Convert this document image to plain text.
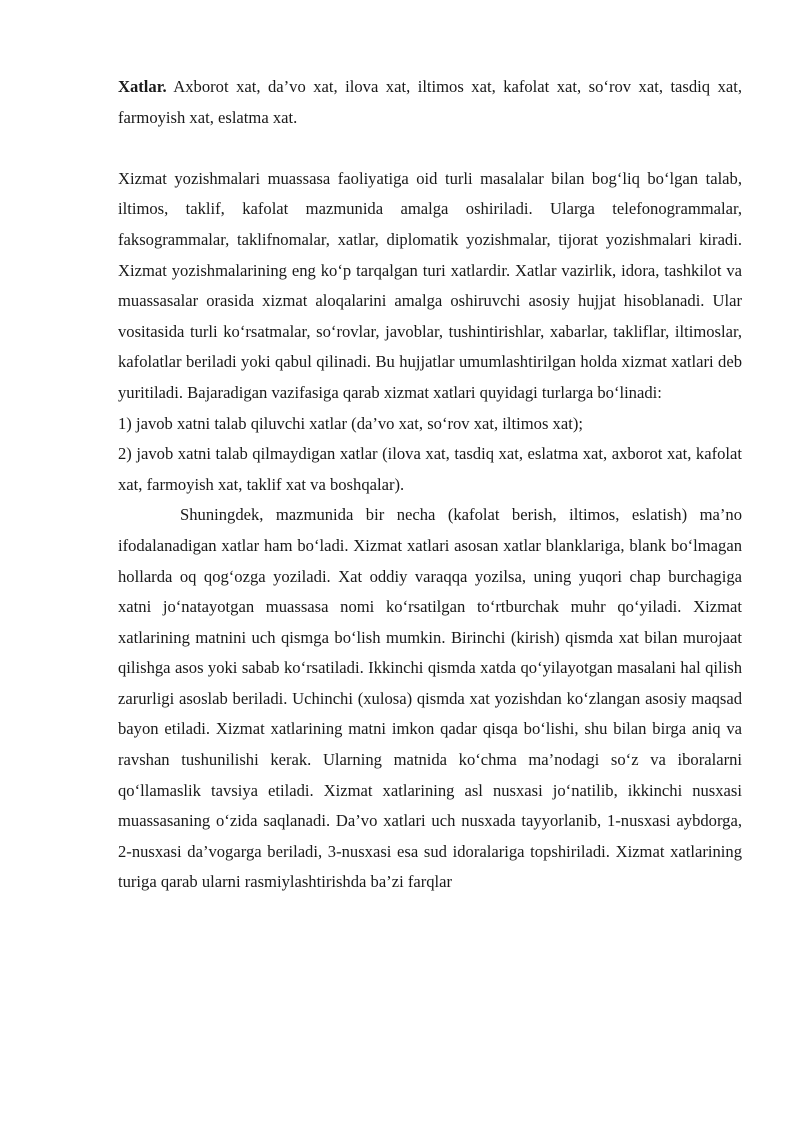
Xatlar. Axborot xat, da’vo xat, ilova xat, iltimos xat, kafolat xat, so‘rov xat, tasdiq xat, farmoyish xat, eslatma xat.

Xizmat yozishmalari muassasa faoliyatiga oid turli masalalar bilan bog‘liq bo‘lgan talab, iltimos, taklif, kafolat mazmunida amalga oshiriladi. Ularga telefonogrammalar, faksogrammalar, taklifnomalar, xatlar, diplomatik yozishmalar, tijorat yozishmalari kiradi. Xizmat yozishmalarining eng ko‘p tarqalgan turi xatlardir. Xatlar vazirlik, idora, tashkilot va muassasalar orasida xizmat aloqalarini amalga oshiruvchi asosiy hujjat hisoblanadi. Ular vositasida turli ko‘rsatmalar, so‘rovlar, javoblar, tushintirishlar, xabarlar, takliflar, iltimoslar, kafolatlar beriladi yoki qabul qilinadi. Bu hujjatlar umumlashtirilgan holda xizmat xatlari deb yuritiladi. Bajaradigan vazifasiga qarab xizmat xatlari quyidagi turlarga bo‘linadi:

1) javob xatni talab qiluvchi xatlar (da’vo xat, so‘rov xat, iltimos xat);

2) javob xatni talab qilmaydigan xatlar (ilova xat, tasdiq xat, eslatma xat, axborot xat, kafolat xat, farmoyish xat, taklif xat va boshqalar).

Shuningdek, mazmunida bir necha (kafolat berish, iltimos, eslatish) ma’no ifodalanadigan xatlar ham bo‘ladi. Xizmat xatlari asosan xatlar blanklariga, blank bo‘lmagan hollarda oq qog‘ozga yoziladi. Xat oddiy varaqqa yozilsa, uning yuqori chap burchagiga xatni jo‘natayotgan muassasa nomi ko‘rsatilgan to‘rtburchak muhr qo‘yiladi. Xizmat xatlarining matnini uch qismga bo‘lish mumkin. Birinchi (kirish) qismda xat bilan murojaat qilishga asos yoki sabab ko‘rsatiladi. Ikkinchi qismda xatda qo‘yilayotgan masalani hal qilish zarurligi asoslab beriladi. Uchinchi (xulosa) qismda xat yozishdan ko‘zlangan asosiy maqsad bayon etiladi. Xizmat xatlarining matni imkon qadar qisqa bo‘lishi, shu bilan birga aniq va ravshan tushunilishi kerak. Ularning matnida ko‘chma ma’nodagi so‘z va iboralarni qo‘llamaslik tavsiya etiladi. Xizmat xatlarining asl nusxasi jo‘natilib, ikkinchi nusxasi muassasaning o‘zida saqlanadi. Da’vo xatlari uch nusxada tayyorlanib, 1-nusxasi aybdorga, 2-nusxasi da’vogarga beriladi, 3-nusxasi esa sud idoralariga topshiriladi. Xizmat xatlarining turiga qarab ularni rasmiylashtirishda ba’zi farqlar
